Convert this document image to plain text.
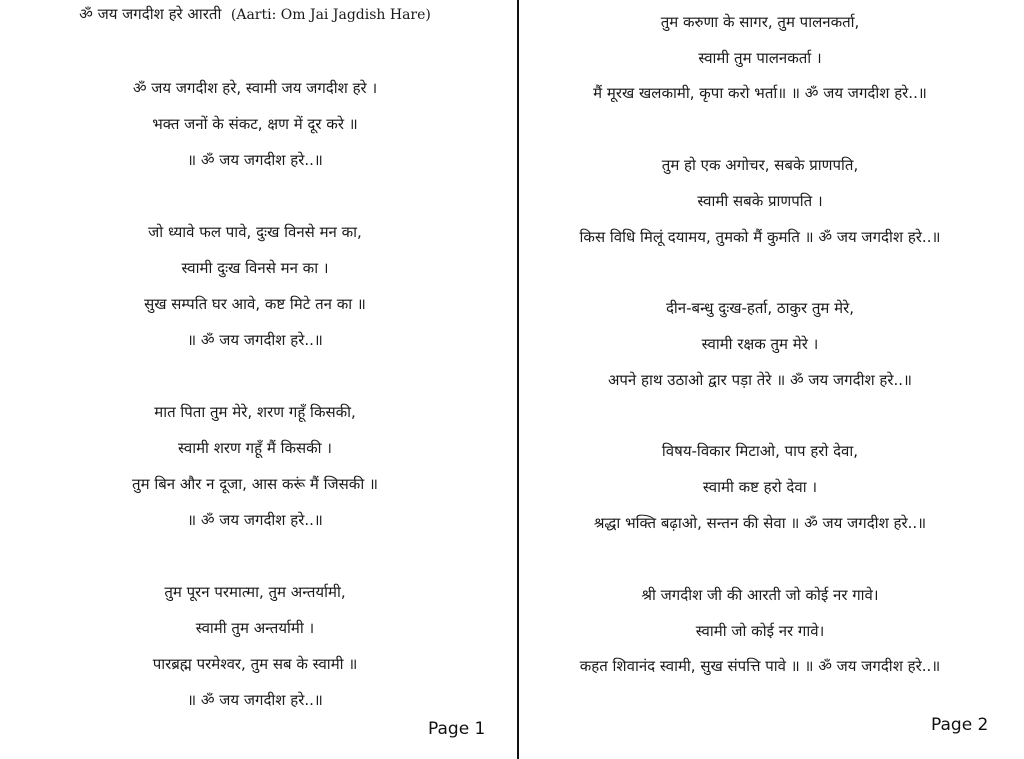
ॐ जय जगदीश हरे आरती (Aarti: Om Jai Jagdish Hare)
ॐ जय जगदीश हरे, स्वामी जय जगदीश हरे ।
भक्त जनों के संकट, क्षण में दूर करे ॥
॥ ॐ जय जगदीश हरे..॥
जो ध्यावे फल पावे, दुःख विनसे मन का,
स्वामी दुःख विनसे मन का ।
सुख सम्पति घर आवे, कष्ट मिटे तन का ॥
॥ ॐ जय जगदीश हरे..॥
मात पिता तुम मेरे, शरण गहूँ किसकी,
स्वामी शरण गहूँ मैं किसकी ।
तुम बिन और न दूजा, आस करूं मैं जिसकी ॥
॥ ॐ जय जगदीश हरे..॥
तुम पूरन परमात्मा, तुम अन्तर्यामी,
स्वामी तुम अन्तर्यामी ।
पारब्रह्म परमेश्वर, तुम सब के स्वामी ॥
॥ ॐ जय जगदीश हरे..॥
Page 1
तुम करुणा के सागर, तुम पालनकर्ता,
स्वामी तुम पालनकर्ता ।
मैं मूरख खलकामी, कृपा करो भर्ता॥ ॥ ॐ जय जगदीश हरे..॥
तुम हो एक अगोचर, सबके प्राणपति,
स्वामी सबके प्राणपति ।
किस विधि मिलूं दयामय, तुमको मैं कुमति ॥ ॐ जय जगदीश हरे..॥
दीन-बन्धु दुःख-हर्ता, ठाकुर तुम मेरे,
स्वामी रक्षक तुम मेरे ।
अपने हाथ उठाओ द्वार पड़ा तेरे ॥ ॐ जय जगदीश हरे..॥
विषय-विकार मिटाओ, पाप हरो देवा,
स्वामी कष्ट हरो देवा ।
श्रद्धा भक्ति बढ़ाओ, सन्तन की सेवा ॥ ॐ जय जगदीश हरे..॥
श्री जगदीश जी की आरती जो कोई नर गावे।
स्वामी जो कोई नर गावे।
कहत शिवानंद स्वामी, सुख संपत्ति पावे ॥ ॥ ॐ जय जगदीश हरे..॥
Page 2
